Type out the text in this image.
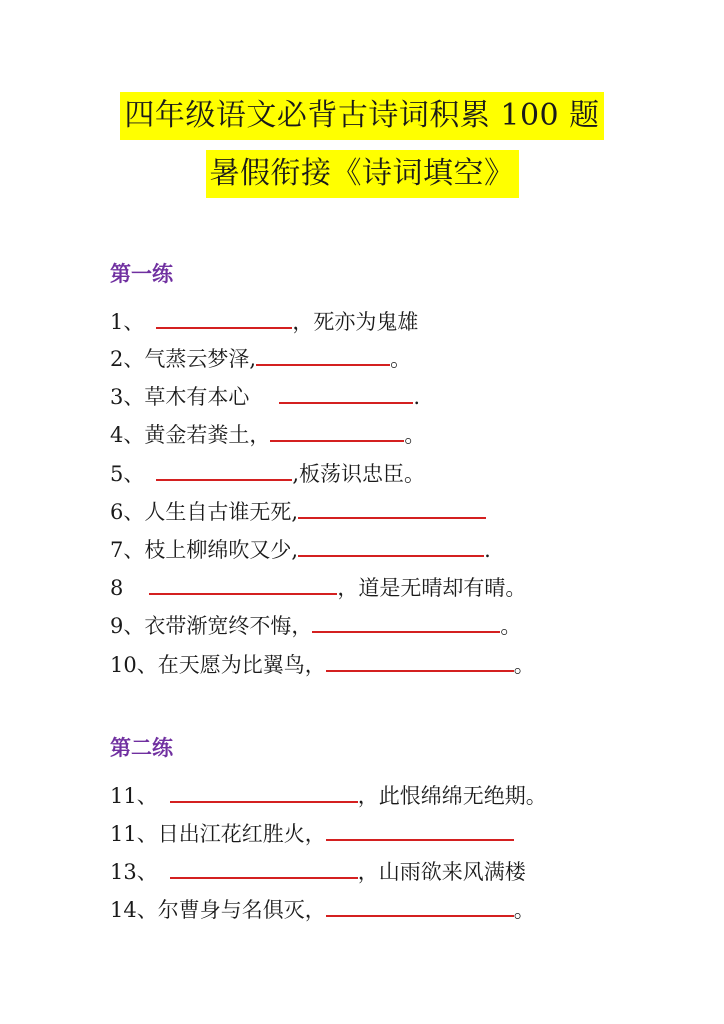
四年级语文必背古诗词积累 100 题
暑假衔接《诗词填空》
第一练
1、	，死亦为鬼雄
2、气蒸云梦泽,	。
3、草木有本心	.
4、黄金若粪土，	。
5、	,板荡识忠臣。
6、人生自古谁无死,
7、枝上柳绵吹又少,	.
8	，道是无晴却有晴。
9、衣带渐宽终不悔，	。
10、在天愿为比翼鸟，	。
第二练
11、	，此恨绵绵无绝期。
11、日出江花红胜火，
13、	，山雨欲来风满楼
14、尔曹身与名俱灭，	。
